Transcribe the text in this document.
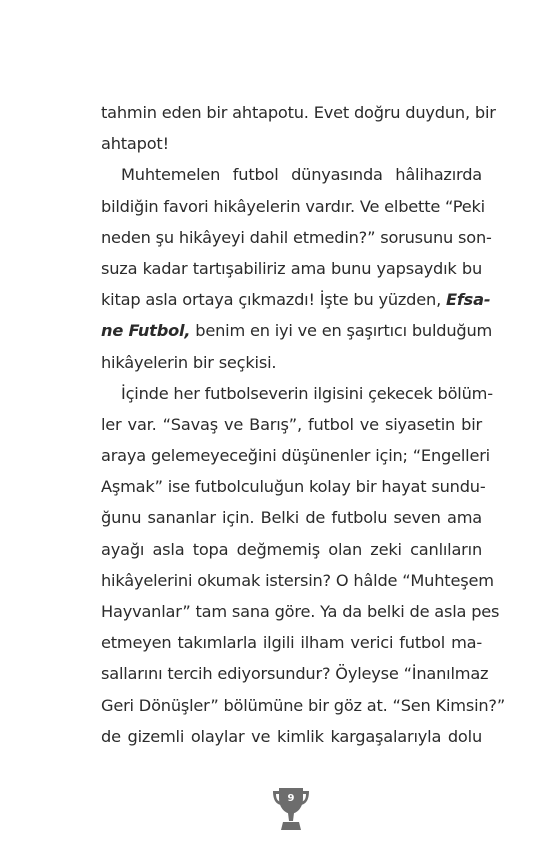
tahmin eden bir ahtapotu. Evet doğru duydun, bir
ahtapot!
Muhtemelen futbol dünyasında hâlihazırda
bildiğin favori hikâyelerin vardır. Ve elbette “Peki
neden şu hikâyeyi dahil etmedin?” sorusunu son-
suza kadar tartışabiliriz ama bunu yapsaydık bu
kitap asla ortaya çıkmazdı! İşte bu yüzden, Efsa-
ne Futbol, benim en iyi ve en şaşırtıcı bulduğum
hikâyelerin bir seçkisi.
İçinde her futbolseverin ilgisini çekecek bölüm-
ler var. “Savaş ve Barış”, futbol ve siyasetin bir
araya gelemeyeceğini düşünenler için; “Engelleri
Aşmak” ise futbolculuğun kolay bir hayat sundu-
ğunu sananlar için. Belki de futbolu seven ama
ayağı asla topa değmemiş olan zeki canlıların
hikâyelerini okumak istersin? O hâlde “Muhteşem
Hayvanlar” tam sana göre. Ya da belki de asla pes
etmeyen takımlarla ilgili ilham verici futbol ma-
sallarını tercih ediyorsundur? Öyleyse “İnanılmaz
Geri Dönüşler” bölümüne bir göz at. “Sen Kimsin?”
de gizemli olaylar ve kimlik kargaşalarıyla dolu
9
